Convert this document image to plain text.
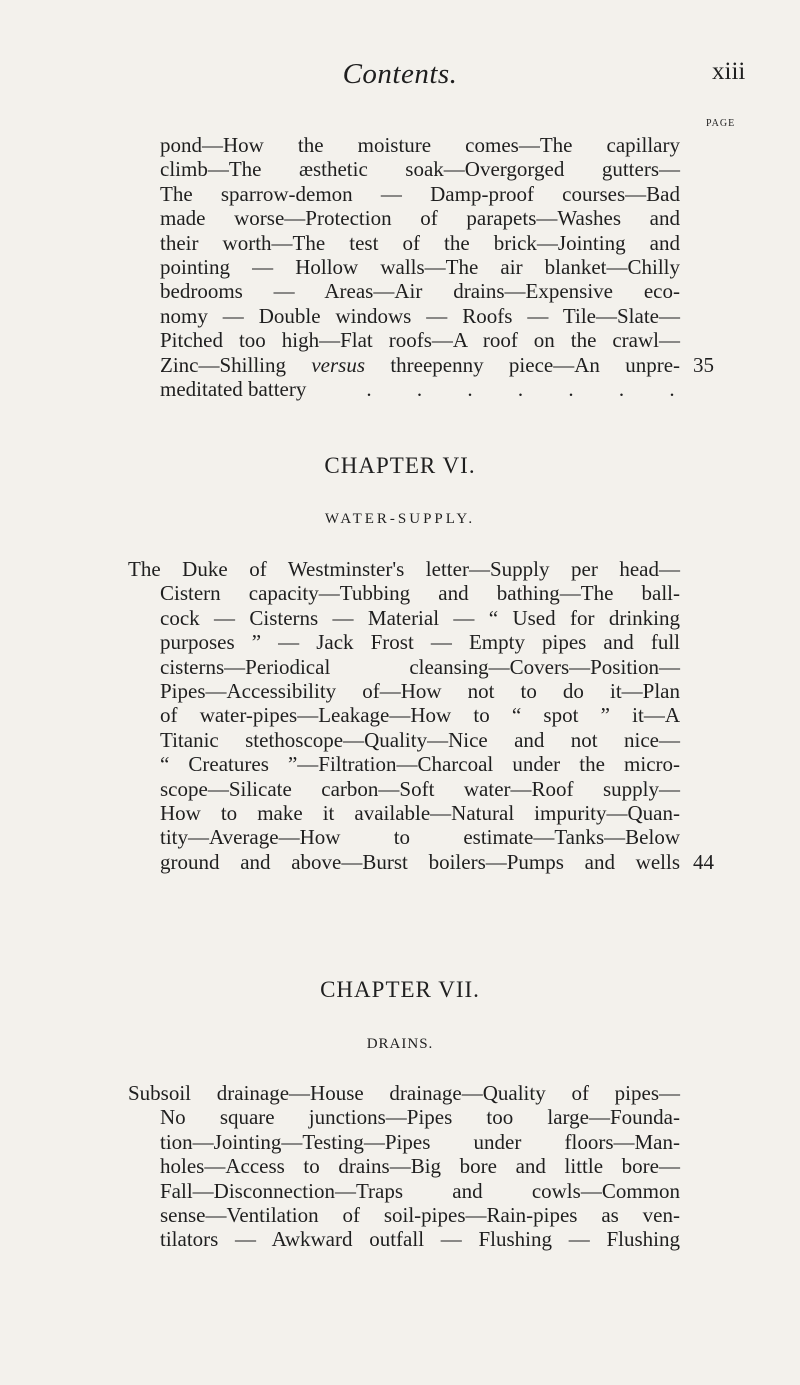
Contents.	xiii
PAGE
pond—How the moisture comes—The capillary
climb—The æsthetic soak—Overgorged gutters—
The sparrow-demon — Damp-proof courses—Bad
made worse—Protection of parapets—Washes and
their worth—The test of the brick—Jointing and
pointing — Hollow walls—The air blanket—Chilly
bedrooms — Areas—Air drains—Expensive eco-
nomy — Double windows — Roofs — Tile—Slate—
Pitched too high—Flat roofs—A roof on the crawl—
Zinc—Shilling versus threepenny piece—An unpre-
meditated battery	. . . . . . .
35
CHAPTER VI.
WATER-SUPPLY.
The Duke of Westminster's letter—Supply per head—
Cistern capacity—Tubbing and bathing—The ball-
cock — Cisterns — Material — “ Used for drinking
purposes ” — Jack Frost — Empty pipes and full
cisterns—Periodical cleansing—Covers—Position—
Pipes—Accessibility of—How not to do it—Plan
of water-pipes—Leakage—How to “ spot ” it—A
Titanic stethoscope—Quality—Nice and not nice—
“ Creatures ”—Filtration—Charcoal under the micro-
scope—Silicate carbon—Soft water—Roof supply—
How to make it available—Natural impurity—Quan-
tity—Average—How to estimate—Tanks—Below
ground and above—Burst boilers—Pumps and wells 44
CHAPTER VII.
DRAINS.
Subsoil drainage—House drainage—Quality of pipes—
No square junctions—Pipes too large—Founda-
tion—Jointing—Testing—Pipes under floors—Man-
holes—Access to drains—Big bore and little bore—
Fall—Disconnection—Traps and cowls—Common
sense—Ventilation of soil-pipes—Rain-pipes as ven-
tilators — Awkward outfall — Flushing — Flushing
